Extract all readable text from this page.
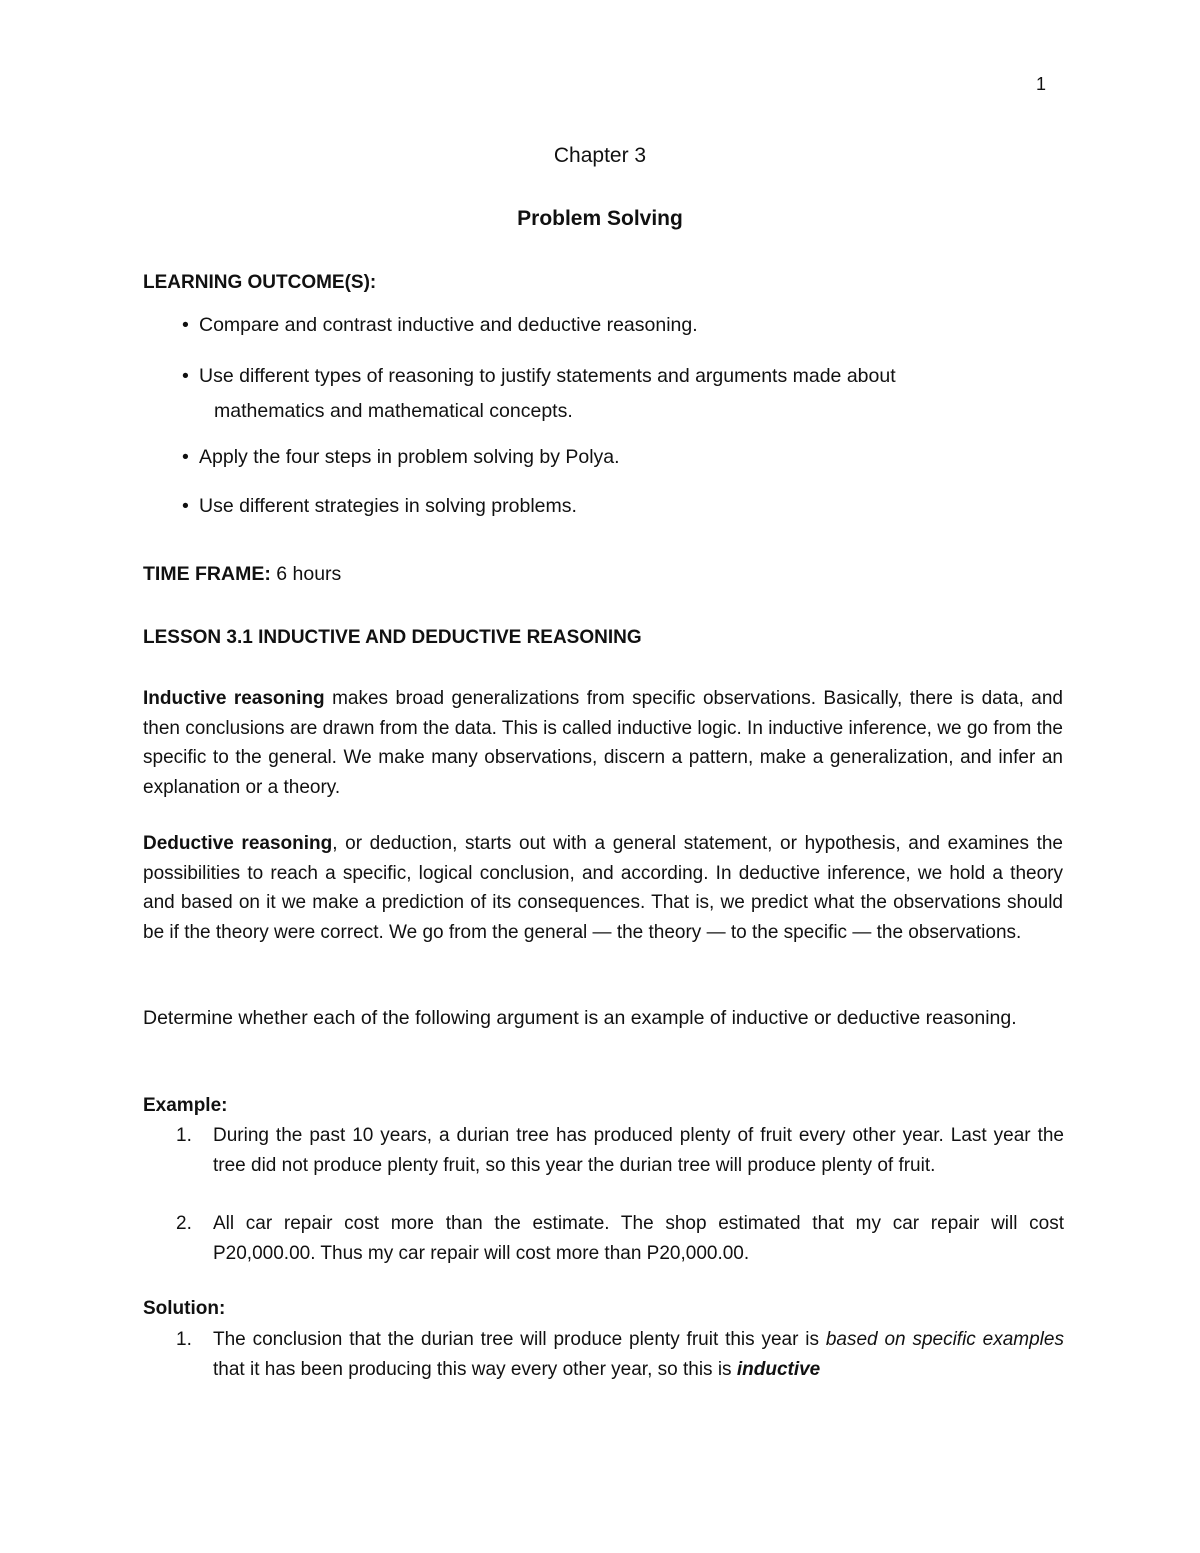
1
Chapter 3
Problem Solving
LEARNING OUTCOME(S):
• Compare and contrast inductive and deductive reasoning.
• Use different types of reasoning to justify statements and arguments made about
mathematics and mathematical concepts.
• Apply the four steps in problem solving by Polya.
• Use different strategies in solving problems.
TIME FRAME: 6 hours
LESSON 3.1 INDUCTIVE AND DEDUCTIVE REASONING

Inductive reasoning makes broad generalizations from specific observations. Basically, there is data, and then conclusions are drawn from the data. This is called inductive logic. In inductive inference, we go from the specific to the general. We make many observations, discern a pattern, make a generalization, and infer an explanation or a theory.

Deductive reasoning, or deduction, starts out with a general statement, or hypothesis, and examines the possibilities to reach a specific, logical conclusion, and according. In deductive inference, we hold a theory and based on it we make a prediction of its consequences. That is, we predict what the observations should be if the theory were correct. We go from the general — the theory — to the specific — the observations.

Determine whether each of the following argument is an example of inductive or deductive reasoning.

Example:
1.	During the past 10 years, a durian tree has produced plenty of fruit every other year. Last year the tree did not produce plenty fruit, so this year the durian tree will produce plenty of fruit.
2.	All car repair cost more than the estimate. The shop estimated that my car repair will cost P20,000.00. Thus my car repair will cost more than P20,000.00.
Solution:
1.	The conclusion that the durian tree will produce plenty fruit this year is based on specific examples that it has been producing this way every other year, so this is inductive
